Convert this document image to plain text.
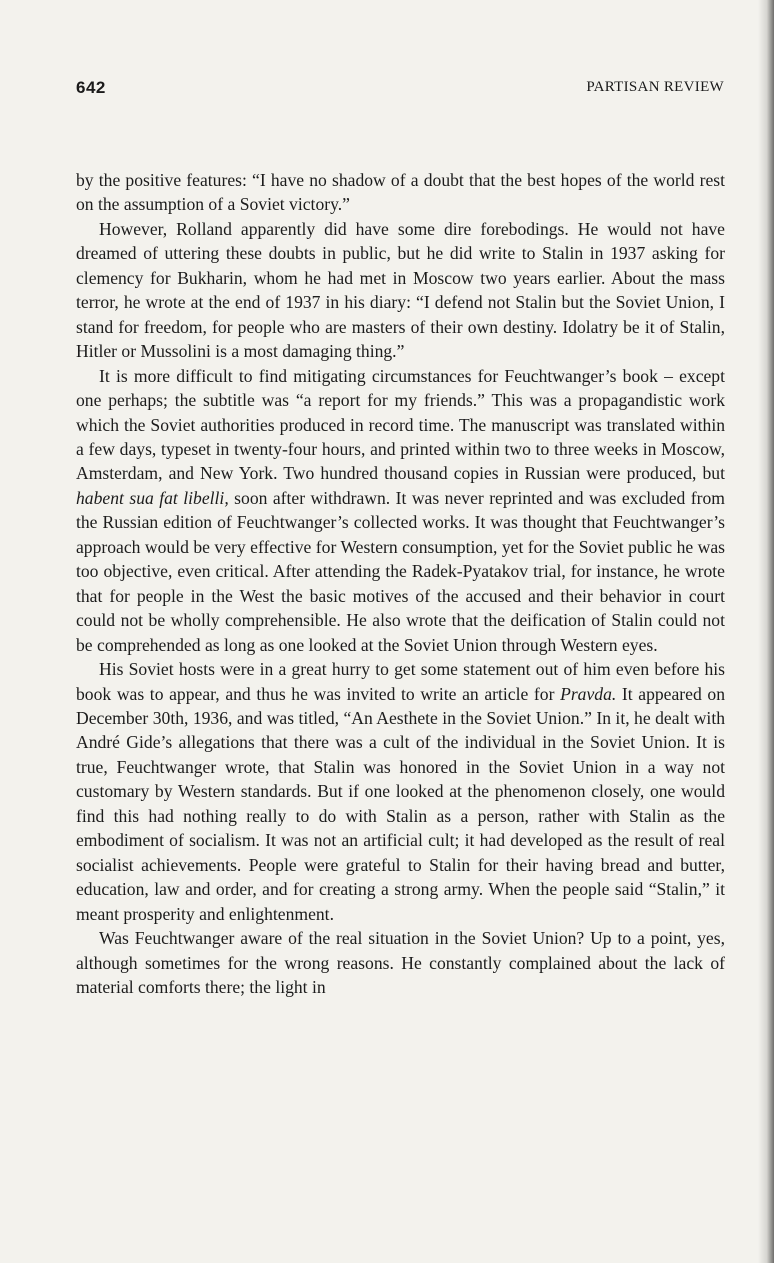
642	PARTISAN REVIEW

by the positive features: “I have no shadow of a doubt that the best hopes of the world rest on the assumption of a Soviet victory.”

However, Rolland apparently did have some dire forebodings. He would not have dreamed of uttering these doubts in public, but he did write to Stalin in 1937 asking for clemency for Bukharin, whom he had met in Moscow two years earlier. About the mass terror, he wrote at the end of 1937 in his diary: “I defend not Stalin but the Soviet Union, I stand for freedom, for people who are masters of their own destiny. Idolatry be it of Stalin, Hitler or Mussolini is a most damaging thing.”

It is more difficult to find mitigating circumstances for Feuchtwanger’s book – except one perhaps; the subtitle was “a report for my friends.” This was a propagandistic work which the Soviet authorities produced in record time. The manuscript was translated within a few days, typeset in twenty-four hours, and printed within two to three weeks in Moscow, Amsterdam, and New York. Two hundred thousand copies in Russian were produced, but habent sua fat libelli, soon after withdrawn. It was never reprinted and was excluded from the Russian edition of Feuchtwanger’s collected works. It was thought that Feuchtwanger’s approach would be very effective for Western consumption, yet for the Soviet public he was too objective, even critical. After attending the Radek-Pyatakov trial, for instance, he wrote that for people in the West the basic motives of the accused and their behavior in court could not be wholly comprehensible. He also wrote that the deification of Stalin could not be comprehended as long as one looked at the Soviet Union through Western eyes.

His Soviet hosts were in a great hurry to get some statement out of him even before his book was to appear, and thus he was invited to write an article for Pravda. It appeared on December 30th, 1936, and was titled, “An Aesthete in the Soviet Union.” In it, he dealt with André Gide’s allegations that there was a cult of the individual in the Soviet Union. It is true, Feuchtwanger wrote, that Stalin was honored in the Soviet Union in a way not customary by Western standards. But if one looked at the phenomenon closely, one would find this had nothing really to do with Stalin as a person, rather with Stalin as the embodiment of socialism. It was not an artificial cult; it had developed as the result of real socialist achievements. People were grateful to Stalin for their having bread and butter, education, law and order, and for creating a strong army. When the people said “Stalin,” it meant prosperity and enlightenment.

Was Feuchtwanger aware of the real situation in the Soviet Union? Up to a point, yes, although sometimes for the wrong reasons. He constantly complained about the lack of material comforts there; the light in
